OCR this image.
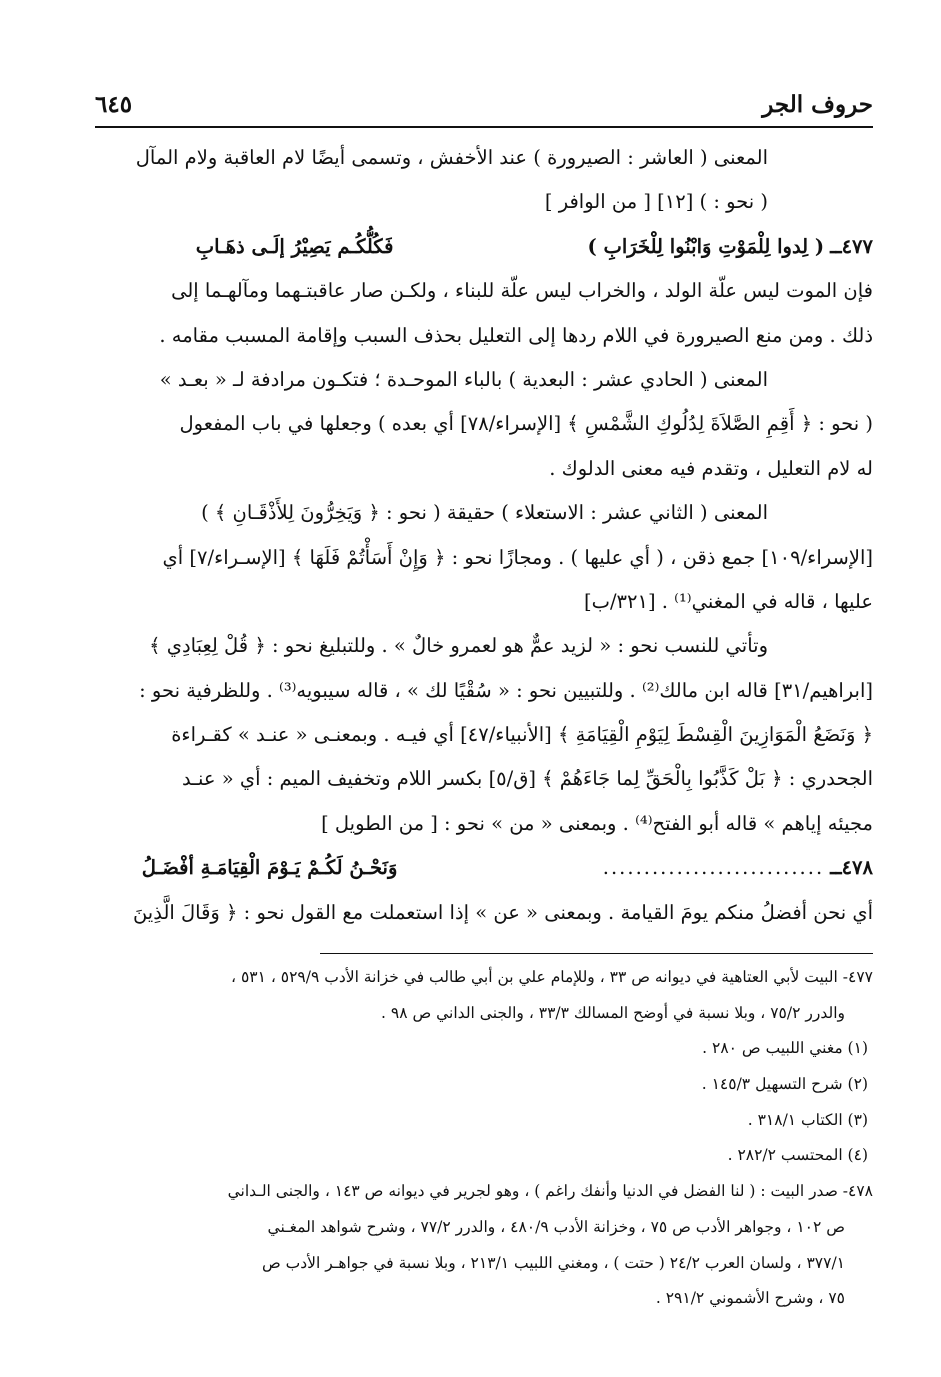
حروف الجر
٦٤٥
المعنى ( العاشر : الصيرورة ) عند الأخفش ، وتسمى أيضًا لام العاقبة ولام المآل
( نحو : ) [١٢] [ من الوافر ]
٤٧٧ــ
( لِدوا لِلْمَوْتِ وَابْنُوا لِلْخَرَابِ )
فَكُلُّكُـم يَصِيْرُ إلَـى ذهَـابِ
فإن الموت ليس علّة الولد ، والخراب ليس علّة للبناء ، ولكـن صار عاقبتـهما ومآلهـما إلى
ذلك . ومن منع الصيرورة في اللام ردها إلى التعليل بحذف السبب وإقامة المسبب مقامه .
المعنى ( الحادي عشر : البعدية ) بالباء الموحـدة ؛ فتكـون مرادفة لـ « بعـد »
( نحو : ﴿ أَقِمِ الصَّلاَةَ لِدُلُوكِ الشَّمْسِ ﴾ [الإسراء/٧٨] أي بعده ) وجعلها في باب المفعول
له لام التعليل ، وتقدم فيه معنى الدلوك .
المعنى ( الثاني عشر : الاستعلاء ) حقيقة ( نحو : ﴿ وَيَخِرُّونَ لِلأَذْقَـانِ ﴾ )
[الإسراء/١٠٩] جمع ذقن ، ( أي عليها ) . ومجازًا نحو : ﴿ وَإِنْ أَسَأْتُمْ فَلَهَا ﴾ [الإسـراء/٧] أي
عليها ، قاله في المغني⁽¹⁾ . [٣٢١/ب]
وتأتي للنسب نحو : « لزيد عمٌّ هو لعمرو خالٌ » . وللتبليغ نحو : ﴿ قُلْ لِعِبَادِي ﴾
[ابراهيم/٣١] قاله ابن مالك⁽²⁾ . وللتبيين نحو : « سُقْيًا لك » ، قاله سيبويه⁽³⁾ . وللظرفية نحو :
﴿ وَنَضَعُ الْمَوَازِينَ الْقِسْطَ لِيَوْمِ الْقِيَامَةِ ﴾ [الأنبياء/٤٧] أي فيـه . وبمعنـى « عنـد » كقـراءة
الجحدري : ﴿ بَلْ كَذَّبُوا بِالْحَقِّ لِما جَاءَهُمْ ﴾ [ق/٥] بكسر اللام وتخفيف الميم : أي « عنـد
مجيئه إياهم » قاله أبو الفتح⁽⁴⁾ . وبمعنى « من » نحو : [ من الطويل ]
٤٧٨ــ
...........................
وَنَحْـنُ لَكُـمْ يَـوْمَ الْقِيَامَـةِ أفْضَـلُ
أي نحن أفضلُ منكم يومَ القيامة . وبمعنى « عن » إذا استعملت مع القول نحو : ﴿ وَقَالَ الَّذِينَ
٤٧٧- البيت لأبي العتاهية في ديوانه ص ٣٣ ، وللإمام علي بن أبي طالب في خزانة الأدب ٥٢٩/٩ ، ٥٣١ ،
والدرر ٧٥/٢ ، وبلا نسبة في أوضح المسالك ٣٣/٣ ، والجنى الداني ص ٩٨ .
(١) مغني اللبيب ص ٢٨٠ .
(٢) شرح التسهيل ١٤٥/٣ .
(٣) الكتاب ٣١٨/١ .
(٤) المحتسب ٢٨٢/٢ .
٤٧٨- صدر البيت : ( لنا الفضل في الدنيا وأنفك راغم ) ، وهو لجرير في ديوانه ص ١٤٣ ، والجنى الـداني
ص ١٠٢ ، وجواهر الأدب ص ٧٥ ، وخزانة الأدب ٤٨٠/٩ ، والدرر ٧٧/٢ ، وشرح شواهد المغـني
٣٧٧/١ ، ولسان العرب ٢٤/٢ ( حتت ) ، ومغني اللبيب ٢١٣/١ ، وبلا نسبة في جواهـر الأدب ص
٧٥ ، وشرح الأشموني ٢٩١/٢ .
